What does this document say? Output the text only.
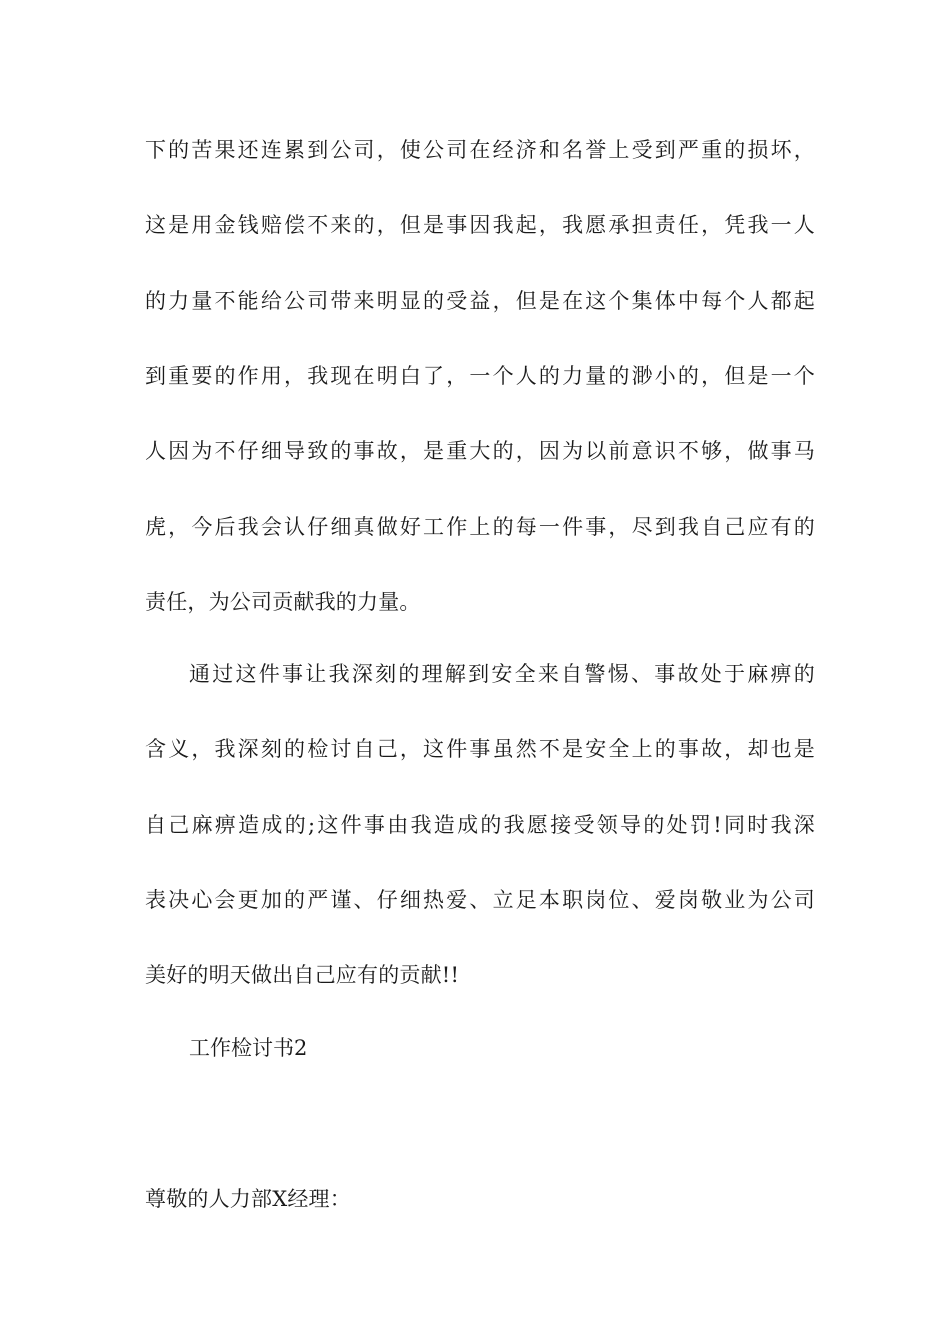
下的苦果还连累到公司，使公司在经济和名誉上受到严重的损坏，
这是用金钱赔偿不来的，但是事因我起，我愿承担责任，凭我一人
的力量不能给公司带来明显的受益，但是在这个集体中每个人都起
到重要的作用，我现在明白了，一个人的力量的渺小的，但是一个
人因为不仔细导致的事故，是重大的，因为以前意识不够，做事马
虎，今后我会认仔细真做好工作上的每一件事，尽到我自己应有的
责任，为公司贡献我的力量。
通过这件事让我深刻的理解到安全来自警惕、事故处于麻痹的
含义，我深刻的检讨自己，这件事虽然不是安全上的事故，却也是
自己麻痹造成的;这件事由我造成的我愿接受领导的处罚!同时我深
表决心会更加的严谨、仔细热爱、立足本职岗位、爱岗敬业为公司
美好的明天做出自己应有的贡献!!
工作检讨书2
尊敬的人力部X经理：
